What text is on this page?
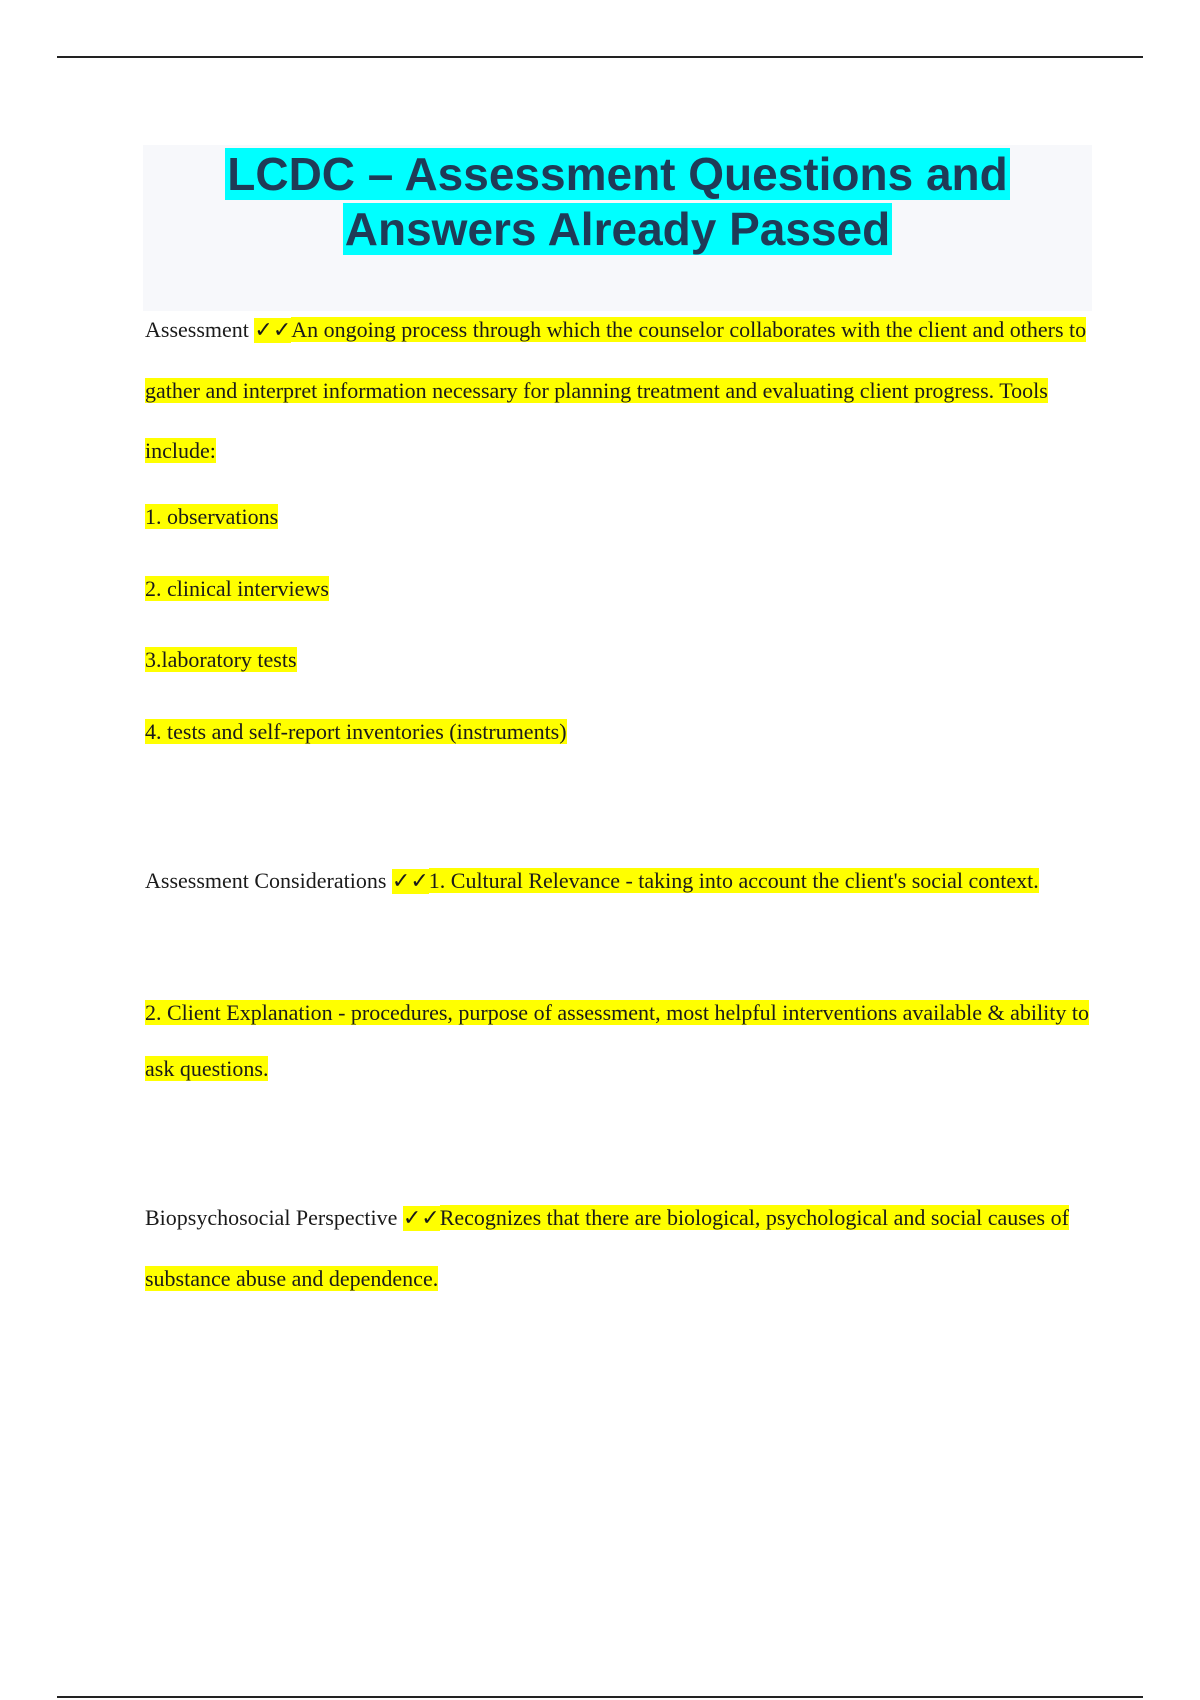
LCDC – Assessment Questions and
Answers Already Passed

Assessment ✓✓An ongoing process through which the counselor collaborates with the client and others to gather and interpret information necessary for planning treatment and evaluating client progress. Tools include:

1. observations

2. clinical interviews

3.laboratory tests

4. tests and self-report inventories (instruments)

Assessment Considerations ✓✓1. Cultural Relevance - taking into account the client's social context.

2. Client Explanation - procedures, purpose of assessment, most helpful interventions available & ability to ask questions.

Biopsychosocial Perspective ✓✓Recognizes that there are biological, psychological and social causes of substance abuse and dependence.
